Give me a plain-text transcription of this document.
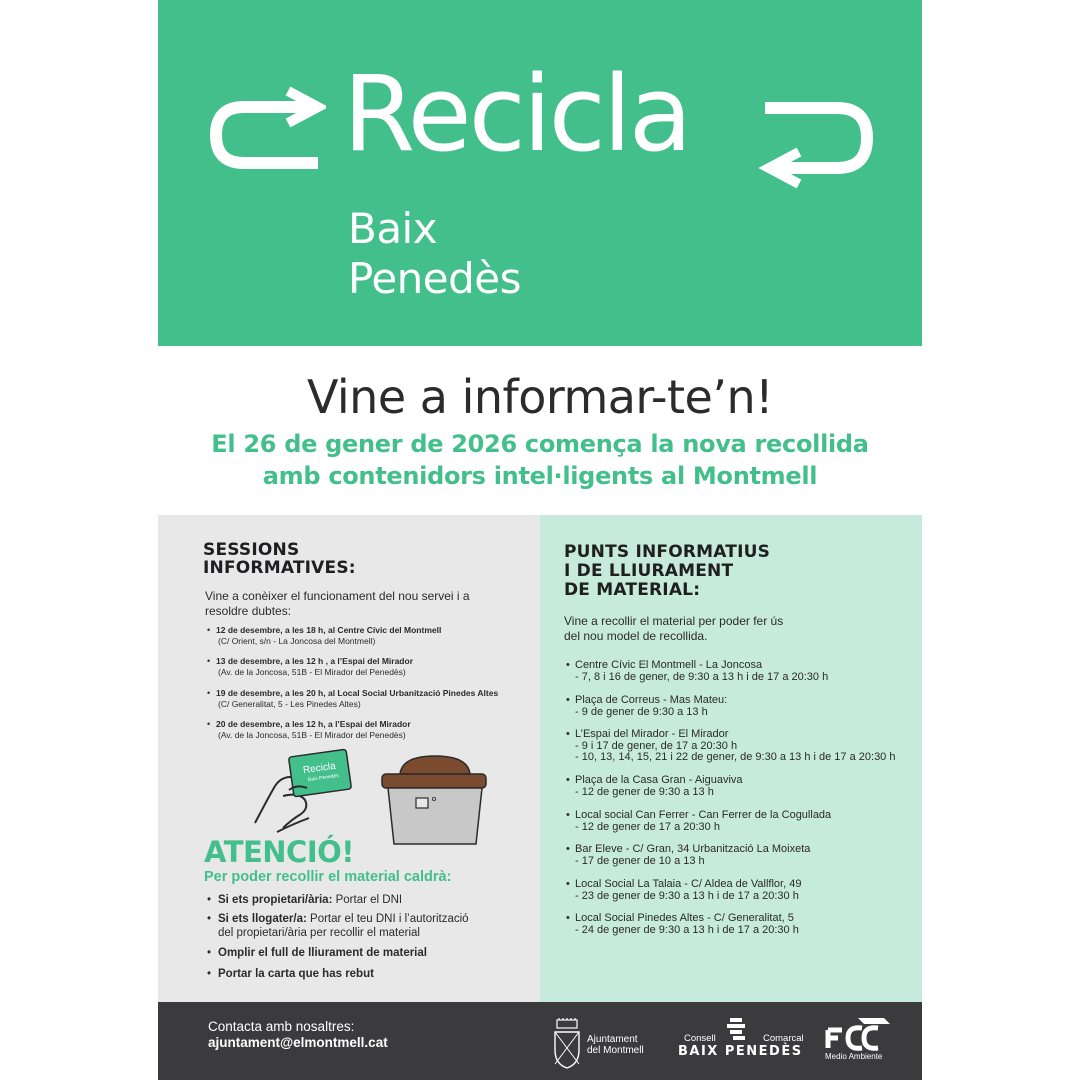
Recicla
Baix
Penedès
Vine a informar-te’n!
El 26 de gener de 2026 comença la nova recollida
amb contenidors intel·ligents al Montmell
SESSIONS
INFORMATIVES:
Vine a conèixer el funcionament del nou servei i a
resoldre dubtes:
• 12 de desembre, a les 18 h, al Centre Cívic del Montmell
(C/ Orient, s/n - La Joncosa del Montmell)
• 13 de desembre, a les 12 h , a l’Espai del Mirador
(Av. de la Joncosa, 51B - El Mirador del Penedès)
• 19 de desembre, a les 20 h, al Local Social Urbanització Pinedes Altes
(C/ Generalitat, 5 - Les Pinedes Altes)
• 20 de desembre, a les 12 h, a l’Espai del Mirador
(Av. de la Joncosa, 51B - El Mirador del Penedès)
Recicla
Baix Penedès
ATENCIÓ!
Per poder recollir el material caldrà:
• Si ets propietari/ària: Portar el DNI
• Si ets llogater/a: Portar el teu DNI i l’autorització
del propietari/ària per recollir el material
• Omplir el full de lliurament de material
• Portar la carta que has rebut
PUNTS INFORMATIUS
I DE LLIURAMENT
DE MATERIAL:
Vine a recollir el material per poder fer ús
del nou model de recollida.
• Centre Cívic El Montmell - La Joncosa
- 7, 8 i 16 de gener, de 9:30 a 13 h i de 17 a 20:30 h
• Plaça de Correus - Mas Mateu:
- 9 de gener de 9:30 a 13 h
• L’Espai del Mirador - El Mirador
- 9 i 17 de gener, de 17 a 20:30 h
- 10, 13, 14, 15, 21 i 22 de gener, de 9:30 a 13 h i de 17 a 20:30 h
• Plaça de la Casa Gran - Aiguaviva
- 12 de gener de 9:30 a 13 h
• Local social Can Ferrer - Can Ferrer de la Cogullada
- 12 de gener de 17 a 20:30 h
• Bar Eleve - C/ Gran, 34 Urbanització La Moixeta
- 17 de gener de 10 a 13 h
• Local Social La Talaia - C/ Aldea de Vallflor, 49
- 23 de gener de 9:30 a 13 h i de 17 a 20:30 h
• Local Social Pinedes Altes - C/ Generalitat, 5
- 24 de gener de 9:30 a 13 h i de 17 a 20:30 h
Contacta amb nosaltres:
ajuntament@elmontmell.cat	Ajuntament
del Montmell
Consell	Comarcal
BAIX PENEDÈS	Medio Ambiente
